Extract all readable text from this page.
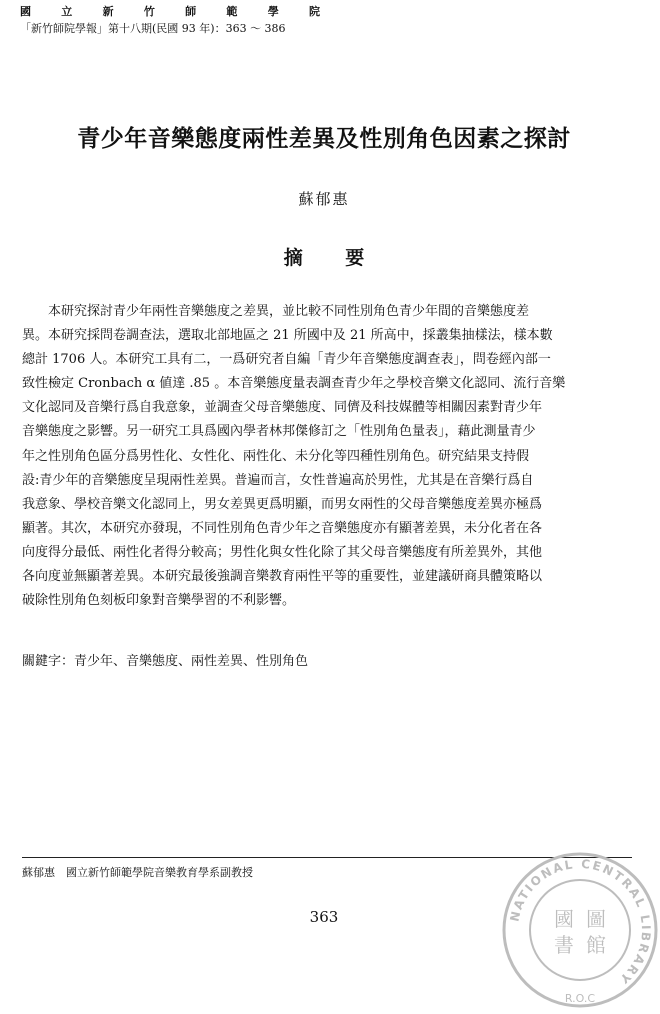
國	立	新	竹	師	範	學	院
「新竹師院學報」第十八期(民國 93 年)：363 ～ 386
青少年音樂態度兩性差異及性別角色因素之探討
蘇郁惠
摘 要
　　本研究探討青少年兩性音樂態度之差異，並比較不同性別角色青少年間的音樂態度差
異。本研究採問卷調查法，選取北部地區之 21 所國中及 21 所高中，採叢集抽樣法，樣本數
總計 1706 人。本研究工具有二，一爲研究者自編「青少年音樂態度調查表」，問卷經內部一
致性檢定 Cronbach α 値達 .85 。本音樂態度量表調查青少年之學校音樂文化認同、流行音樂
文化認同及音樂行爲自我意象，並調查父母音樂態度、同儕及科技媒體等相關因素對青少年
音樂態度之影響。另一研究工具爲國內學者林邦傑修訂之「性別角色量表」，藉此測量青少
年之性別角色區分爲男性化、女性化、兩性化、未分化等四種性別角色。研究結果支持假
設:青少年的音樂態度呈現兩性差異。普遍而言，女性普遍高於男性，尤其是在音樂行爲自
我意象、學校音樂文化認同上，男女差異更爲明顯，而男女兩性的父母音樂態度差異亦極爲
顯著。其次，本研究亦發現，不同性別角色青少年之音樂態度亦有顯著差異，未分化者在各
向度得分最低、兩性化者得分較高；男性化與女性化除了其父母音樂態度有所差異外，其他
各向度並無顯著差異。本研究最後強調音樂教育兩性平等的重要性，並建議研商具體策略以
破除性別角色刻板印象對音樂學習的不利影響。
關鍵字：青少年、音樂態度、兩性差異、性別角色
蘇郁惠　國立新竹師範學院音樂教育學系副教授
363	NATIONAL CENTRAL LIBRARY
R.O.C
國 圖
書 館
